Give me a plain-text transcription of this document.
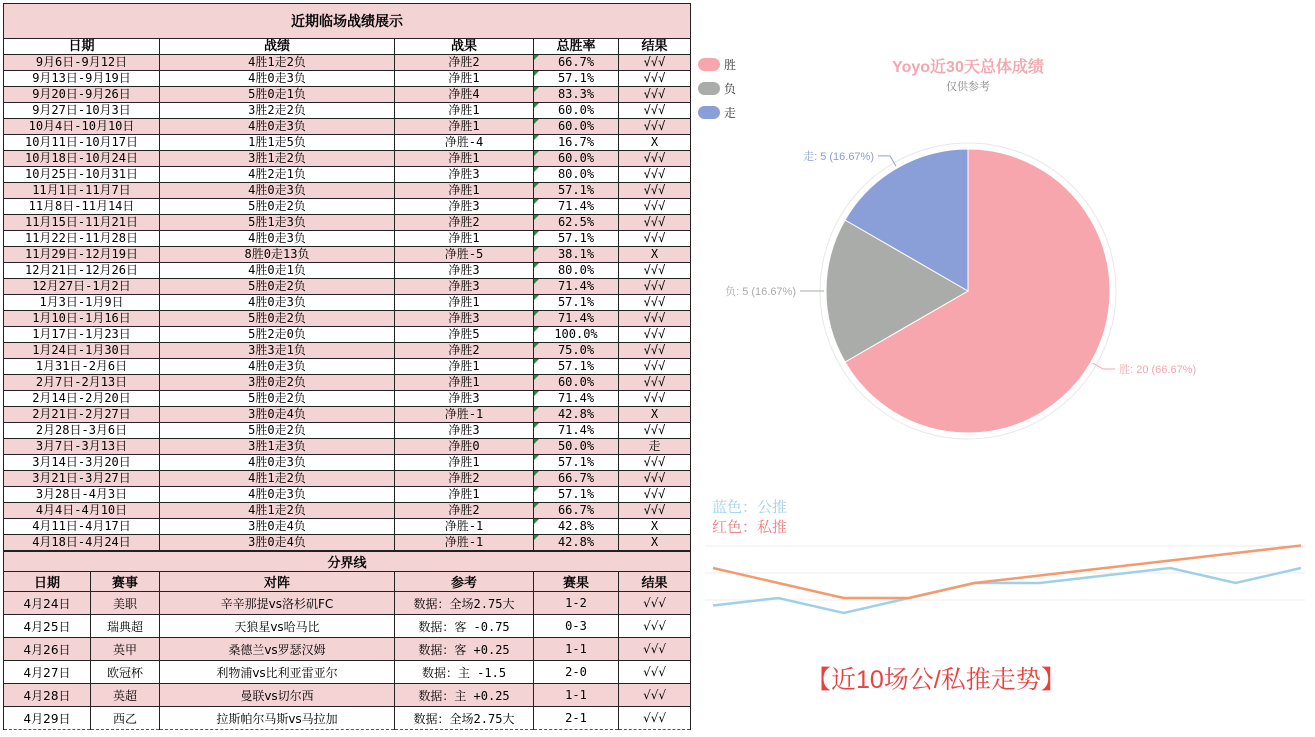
近期临场战绩展示				
日期	战绩	战果	总胜率	结果
9月6日-9月12日	4胜1走2负	净胜2	66.7%	√√√
9月13日-9月19日	4胜0走3负	净胜1	57.1%	√√√
9月20日-9月26日	5胜0走1负	净胜4	83.3%	√√√
9月27日-10月3日	3胜2走2负	净胜1	60.0%	√√√
10月4日-10月10日	4胜0走3负	净胜1	60.0%	√√√
10月11日-10月17日	1胜1走5负	净胜-4	16.7%	X
10月18日-10月24日	3胜1走2负	净胜1	60.0%	√√√
10月25日-10月31日	4胜2走1负	净胜3	80.0%	√√√
11月1日-11月7日	4胜0走3负	净胜1	57.1%	√√√
11月8日-11月14日	5胜0走2负	净胜3	71.4%	√√√
11月15日-11月21日	5胜1走3负	净胜2	62.5%	√√√
11月22日-11月28日	4胜0走3负	净胜1	57.1%	√√√
11月29日-12月19日	8胜0走13负	净胜-5	38.1%	X
12月21日-12月26日	4胜0走1负	净胜3	80.0%	√√√
12月27日-1月2日	5胜0走2负	净胜3	71.4%	√√√
1月3日-1月9日	4胜0走3负	净胜1	57.1%	√√√
1月10日-1月16日	5胜0走2负	净胜3	71.4%	√√√
1月17日-1月23日	5胜2走0负	净胜5	100.0%	√√√
1月24日-1月30日	3胜3走1负	净胜2	75.0%	√√√
1月31日-2月6日	4胜0走3负	净胜1	57.1%	√√√
2月7日-2月13日	3胜0走2负	净胜1	60.0%	√√√
2月14日-2月20日	5胜0走2负	净胜3	71.4%	√√√
2月21日-2月27日	3胜0走4负	净胜-1	42.8%	X
2月28日-3月6日	5胜0走2负	净胜3	71.4%	√√√
3月7日-3月13日	3胜1走3负	净胜0	50.0%	走
3月14日-3月20日	4胜0走3负	净胜1	57.1%	√√√
3月21日-3月27日	4胜1走2负	净胜2	66.7%	√√√
3月28日-4月3日	4胜0走3负	净胜1	57.1%	√√√
4月4日-4月10日	4胜1走2负	净胜2	66.7%	√√√
4月11日-4月17日	3胜0走4负	净胜-1	42.8%	X
4月18日-4月24日	3胜0走4负	净胜-1	42.8%	X
分界线					
日期	赛事	对阵	参考	赛果	结果
4月24日	美职	辛辛那提vs洛杉矶FC	数据：全场2.75大	1-2	√√√
4月25日	瑞典超	天狼星vs哈马比	数据：客 -0.75	0-3	√√√
4月26日	英甲	桑德兰vs罗瑟汉姆	数据：客 +0.25	1-1	√√√
4月27日	欧冠杯	利物浦vs比利亚雷亚尔	数据：主 -1.5	2-0	√√√
4月28日	英超	曼联vs切尔西	数据：主 +0.25	1-1	√√√
4月29日	西乙	拉斯帕尔马斯vs马拉加	数据：全场2.75大	2-1	√√√
胜
负
走
Yoyo近30天总体成绩
仅供参考
胜: 20 (66.67%)
负: 5 (16.67%)
走: 5 (16.67%)
蓝色：公推
红色：私推
【近10场公/私推走势】
